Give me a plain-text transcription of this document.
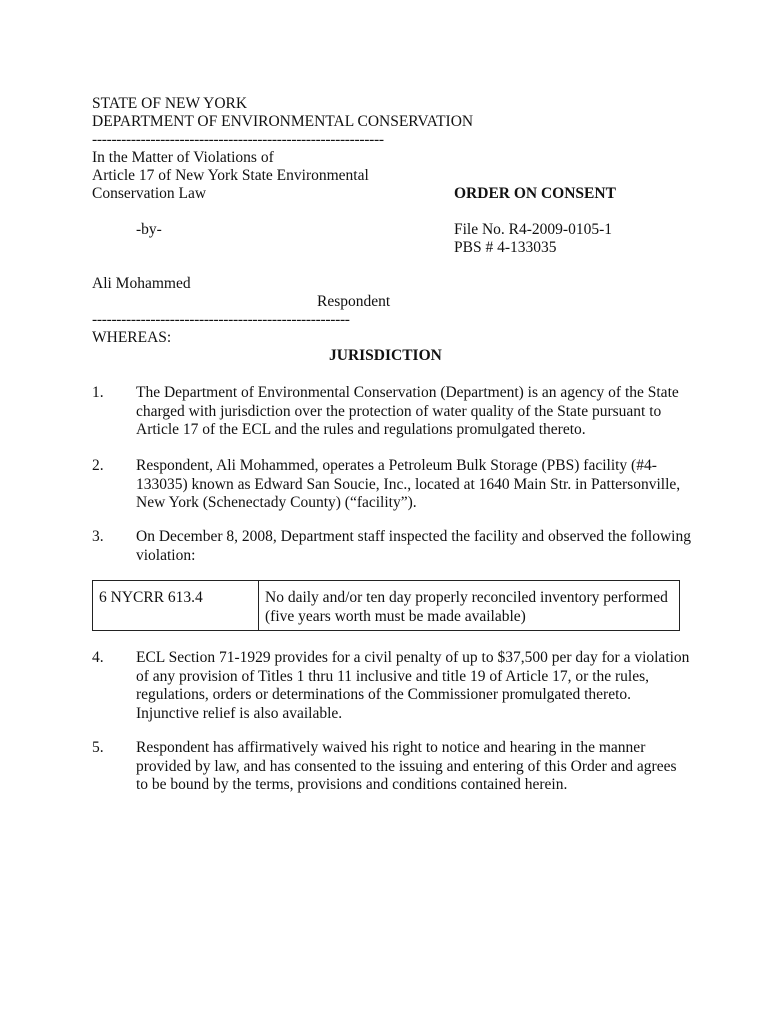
STATE OF NEW YORK
DEPARTMENT OF ENVIRONMENTAL CONSERVATION
------------------------------------------------------------
In the Matter of Violations of
Article 17 of New York State Environmental
Conservation Law	ORDER ON CONSENT
-by-	File No. R4-2009-0105-1
PBS # 4-133035
Ali Mohammed
Respondent
-----------------------------------------------------
WHEREAS:
JURISDICTION
1. The Department of Environmental Conservation (Department) is an agency of the State
charged with jurisdiction over the protection of water quality of the State pursuant to
Article 17 of the ECL and the rules and regulations promulgated thereto.
2. Respondent, Ali Mohammed, operates a Petroleum Bulk Storage (PBS) facility (#4-
133035) known as Edward San Soucie, Inc., located at 1640 Main Str. in Pattersonville,
New York (Schenectady County) (“facility”).
3. On December 8, 2008, Department staff inspected the facility and observed the following
violation:
6 NYCRR 613.4	No daily and/or ten day properly reconciled inventory performed
(five years worth must be made available)
4. ECL Section 71-1929 provides for a civil penalty of up to $37,500 per day for a violation
of any provision of Titles 1 thru 11 inclusive and title 19 of Article 17, or the rules,
regulations, orders or determinations of the Commissioner promulgated thereto.
Injunctive relief is also available.
5. Respondent has affirmatively waived his right to notice and hearing in the manner
provided by law, and has consented to the issuing and entering of this Order and agrees
to be bound by the terms, provisions and conditions contained herein.
